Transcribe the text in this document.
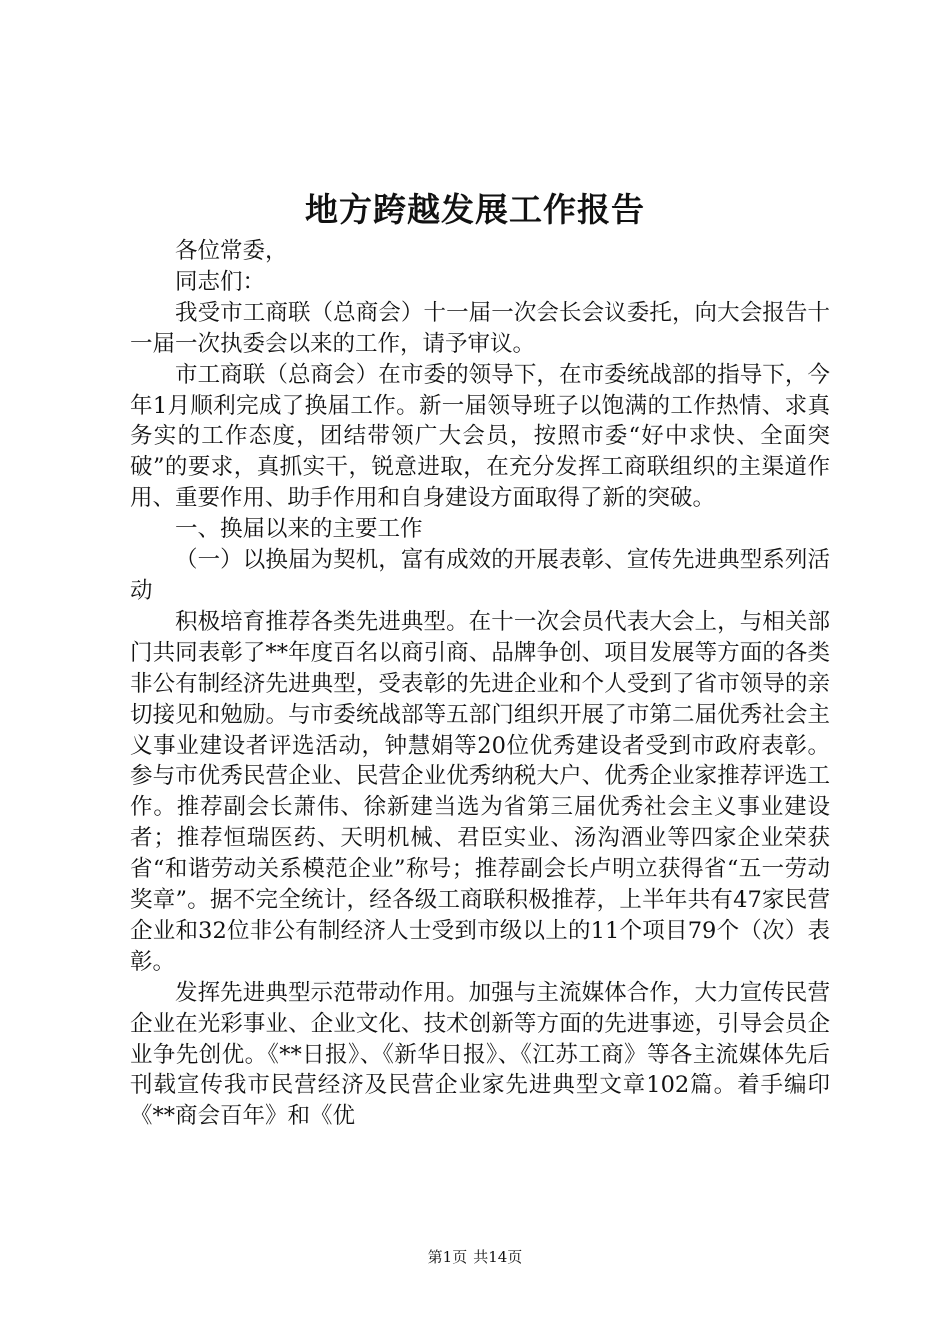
地方跨越发展工作报告

各位常委，

同志们：

我受市工商联（总商会）十一届一次会长会议委托，向大会报告十一届一次执委会以来的工作，请予审议。

市工商联（总商会）在市委的领导下，在市委统战部的指导下，今年1月顺利完成了换届工作。新一届领导班子以饱满的工作热情、求真务实的工作态度，团结带领广大会员，按照市委“好中求快、全面突破”的要求，真抓实干，锐意进取，在充分发挥工商联组织的主渠道作用、重要作用、助手作用和自身建设方面取得了新的突破。

一、换届以来的主要工作

（一）以换届为契机，富有成效的开展表彰、宣传先进典型系列活动

积极培育推荐各类先进典型。在十一次会员代表大会上，与相关部门共同表彰了**年度百名以商引商、品牌争创、项目发展等方面的各类非公有制经济先进典型，受表彰的先进企业和个人受到了省市领导的亲切接见和勉励。与市委统战部等五部门组织开展了市第二届优秀社会主义事业建设者评选活动，钟慧娟等20位优秀建设者受到市政府表彰。参与市优秀民营企业、民营企业优秀纳税大户、优秀企业家推荐评选工作。推荐副会长萧伟、徐新建当选为省第三届优秀社会主义事业建设者；推荐恒瑞医药、天明机械、君臣实业、汤沟酒业等四家企业荣获省“和谐劳动关系模范企业”称号；推荐副会长卢明立获得省“五一劳动奖章”。据不完全统计，经各级工商联积极推荐，上半年共有47家民营企业和32位非公有制经济人士受到市级以上的11个项目79个（次）表彰。

发挥先进典型示范带动作用。加强与主流媒体合作，大力宣传民营企业在光彩事业、企业文化、技术创新等方面的先进事迹，引导会员企业争先创优。《**日报》、《新华日报》、《江苏工商》等各主流媒体先后刊载宣传我市民营经济及民营企业家先进典型文章102篇。着手编印《**商会百年》和《优

第1页 共14页
